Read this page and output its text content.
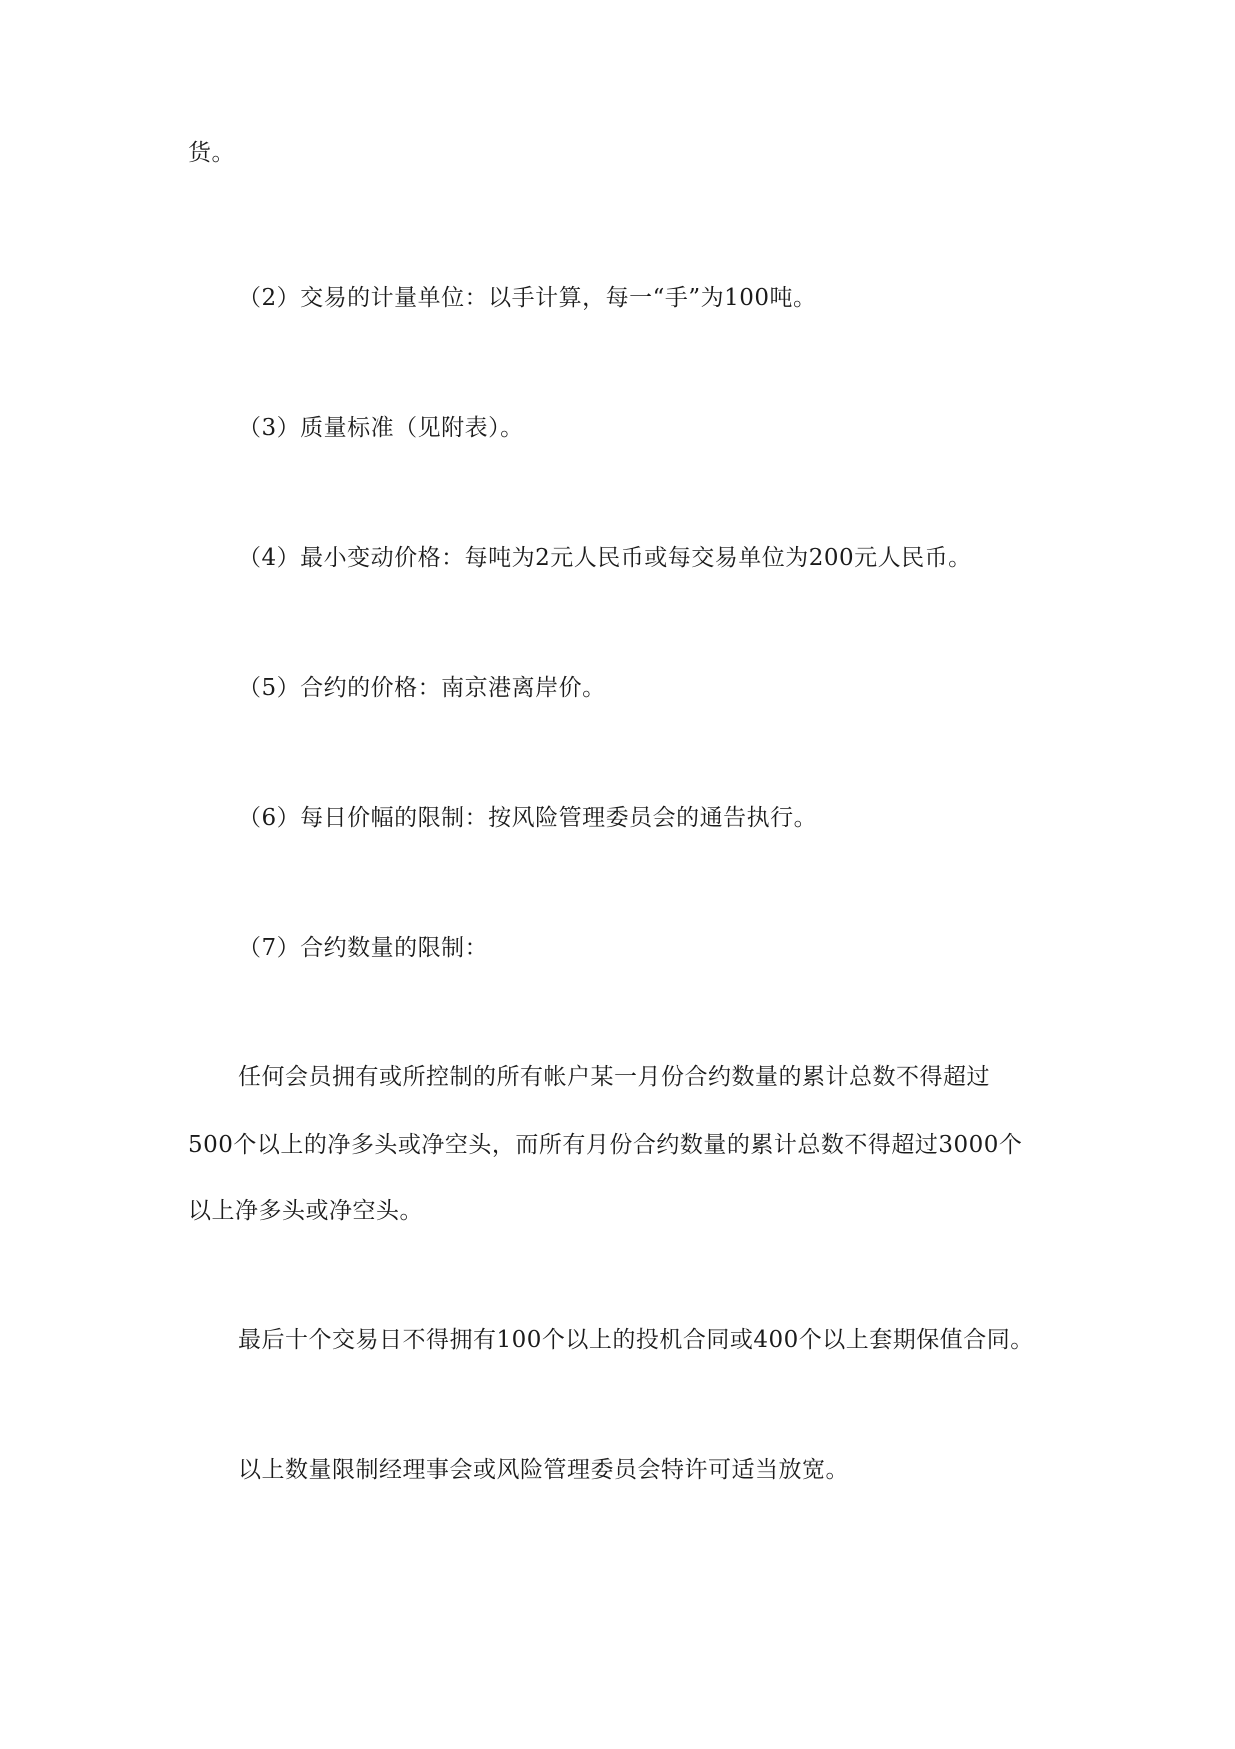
货。
（2）交易的计量单位：以手计算，每一“手”为100吨。
（3）质量标准（见附表）。
（4）最小变动价格：每吨为2元人民币或每交易单位为200元人民币。
（5）合约的价格：南京港离岸价。
（6）每日价幅的限制：按风险管理委员会的通告执行。
（7）合约数量的限制：
任何会员拥有或所控制的所有帐户某一月份合约数量的累计总数不得超过
500个以上的净多头或净空头，而所有月份合约数量的累计总数不得超过3000个
以上净多头或净空头。
最后十个交易日不得拥有100个以上的投机合同或400个以上套期保值合同。
以上数量限制经理事会或风险管理委员会特许可适当放宽。
